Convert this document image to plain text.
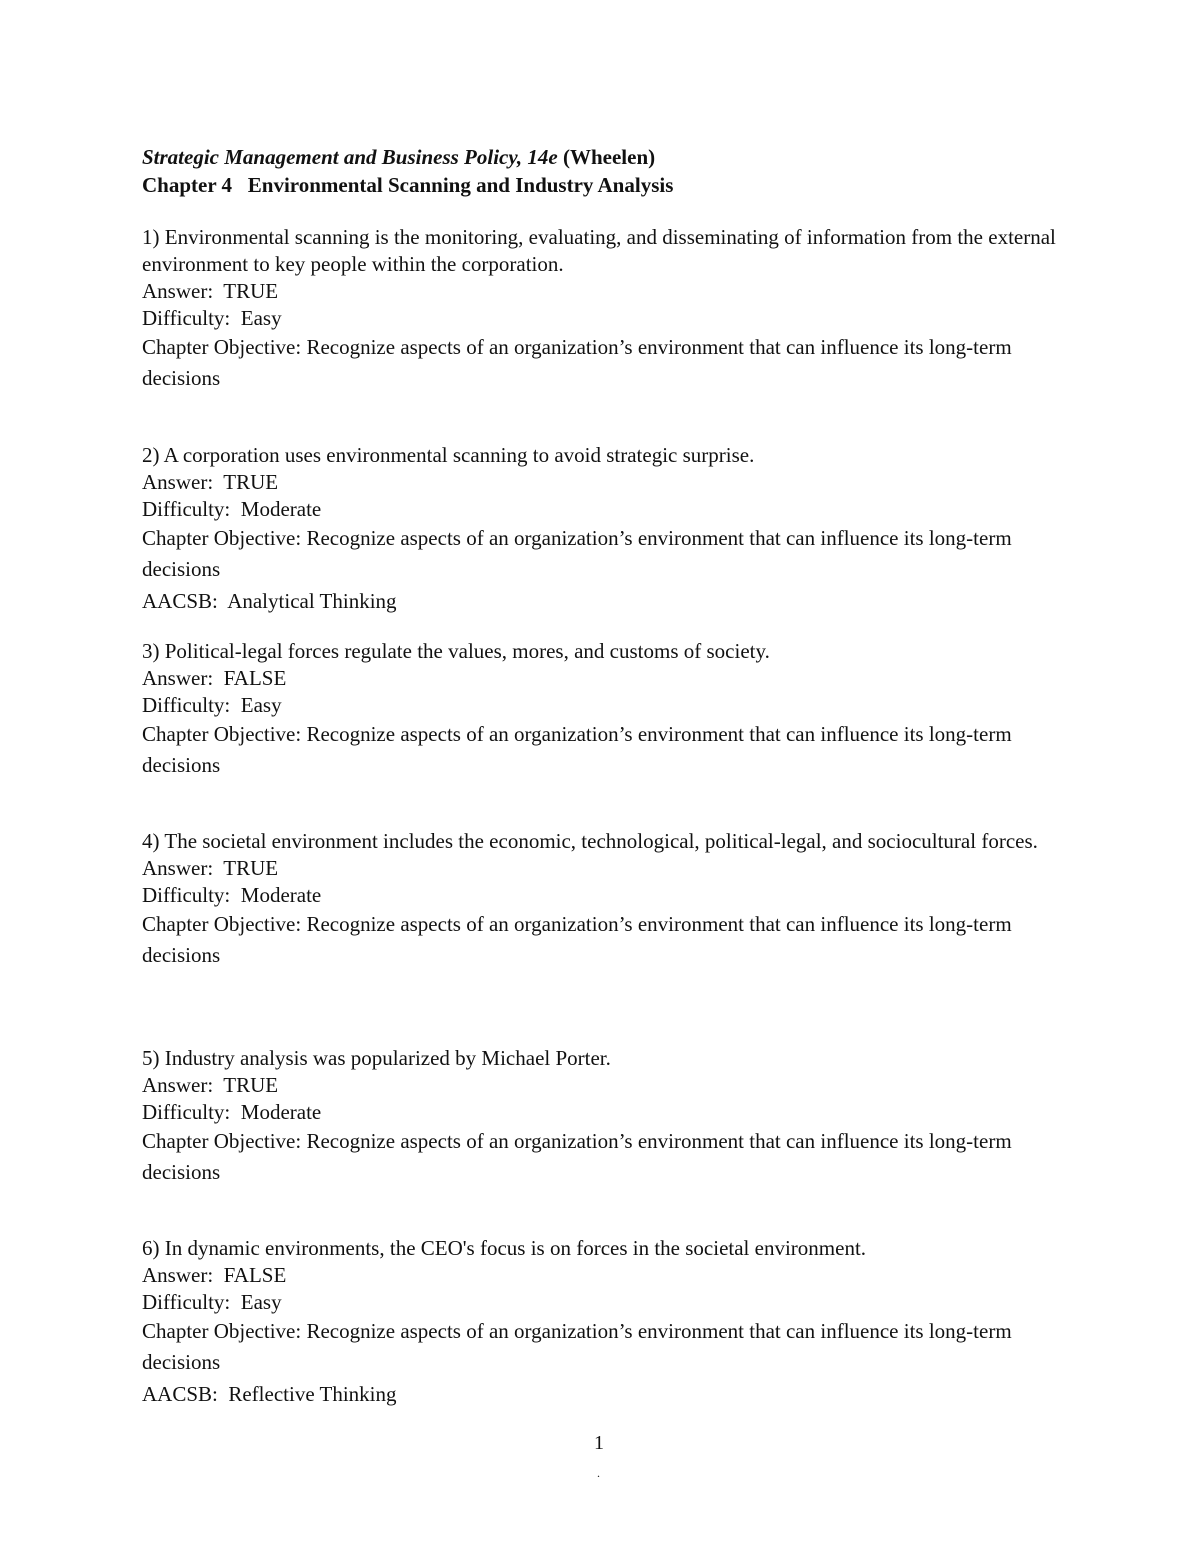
Strategic Management and Business Policy, 14e (Wheelen)
Chapter 4   Environmental Scanning and Industry Analysis
1) Environmental scanning is the monitoring, evaluating, and disseminating of information from the external environment to key people within the corporation.
Answer:  TRUE
Difficulty:  Easy
Chapter Objective: Recognize aspects of an organization’s environment that can influence its long-term decisions
2) A corporation uses environmental scanning to avoid strategic surprise.
Answer:  TRUE
Difficulty:  Moderate
Chapter Objective: Recognize aspects of an organization’s environment that can influence its long-term decisions
AACSB:  Analytical Thinking
3) Political-legal forces regulate the values, mores, and customs of society.
Answer:  FALSE
Difficulty:  Easy
Chapter Objective: Recognize aspects of an organization’s environment that can influence its long-term decisions
4) The societal environment includes the economic, technological, political-legal, and sociocultural forces.
Answer:  TRUE
Difficulty:  Moderate
Chapter Objective: Recognize aspects of an organization’s environment that can influence its long-term decisions
5) Industry analysis was popularized by Michael Porter.
Answer:  TRUE
Difficulty:  Moderate
Chapter Objective: Recognize aspects of an organization’s environment that can influence its long-term decisions
6) In dynamic environments, the CEO's focus is on forces in the societal environment.
Answer:  FALSE
Difficulty:  Easy
Chapter Objective: Recognize aspects of an organization’s environment that can influence its long-term decisions
AACSB:  Reflective Thinking
1
.
